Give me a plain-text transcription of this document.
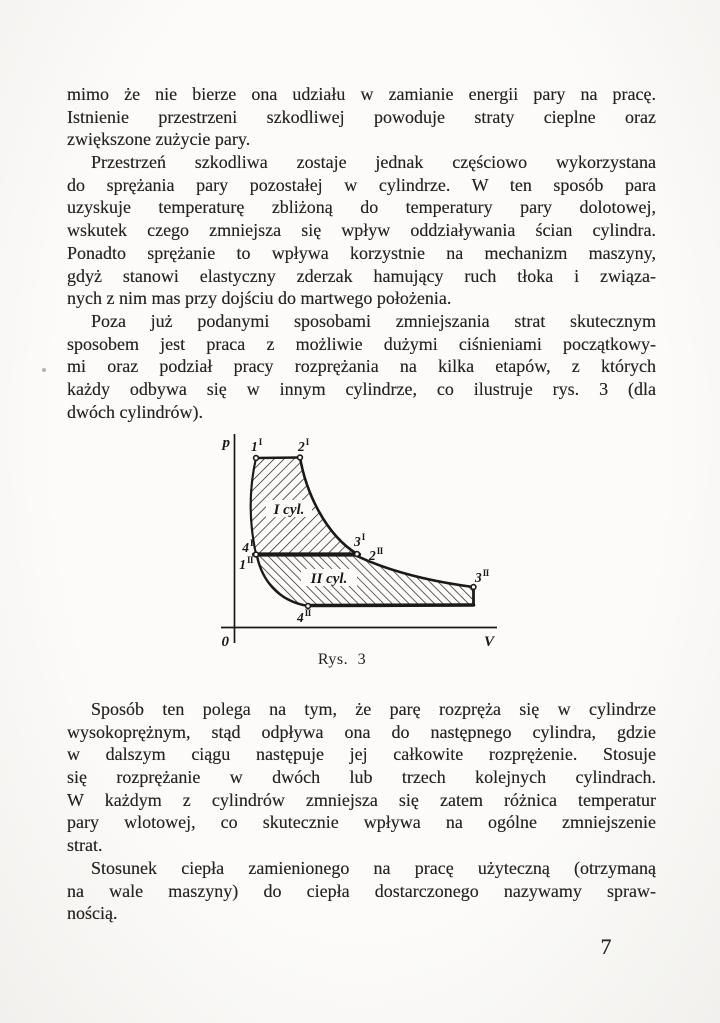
mimo że nie bierze ona udziału w zamianie energii pary na pracę.
Istnienie przestrzeni szkodliwej powoduje straty cieplne oraz
zwiększone zużycie pary.
Przestrzeń szkodliwa zostaje jednak częściowo wykorzystana
do sprężania pary pozostałej w cylindrze. W ten sposób para
uzyskuje temperaturę zbliżoną do temperatury pary dolotowej,
wskutek czego zmniejsza się wpływ oddziaływania ścian cylindra.
Ponadto sprężanie to wpływa korzystnie na mechanizm maszyny,
gdyż stanowi elastyczny zderzak hamujący ruch tłoka i związa-
nych z nim mas przy dojściu do martwego położenia.
Poza już podanymi sposobami zmniejszania strat skutecznym
sposobem jest praca z możliwie dużymi ciśnieniami początkowy-
mi oraz podział pracy rozprężania na kilka etapów, z których
każdy odbywa się w innym cylindrze, co ilustruje rys. 3 (dla
dwóch cylindrów).
p
0	V
$1^I$	$2^I$
$3^I$
$2^{II}$
$4^I$
$1^{II}$
$3^{II}$
$4^{II}$
I cyl.
II cyl.
Rys. 3
Sposób ten polega na tym, że parę rozpręża się w cylindrze
wysokoprężnym, stąd odpływa ona do następnego cylindra, gdzie
w dalszym ciągu następuje jej całkowite rozprężenie. Stosuje
się rozprężanie w dwóch lub trzech kolejnych cylindrach.
W każdym z cylindrów zmniejsza się zatem różnica temperatur
pary wlotowej, co skutecznie wpływa na ogólne zmniejszenie
strat.
Stosunek ciepła zamienionego na pracę użyteczną (otrzymaną
na wale maszyny) do ciepła dostarczonego nazywamy spraw-
nością.
7
